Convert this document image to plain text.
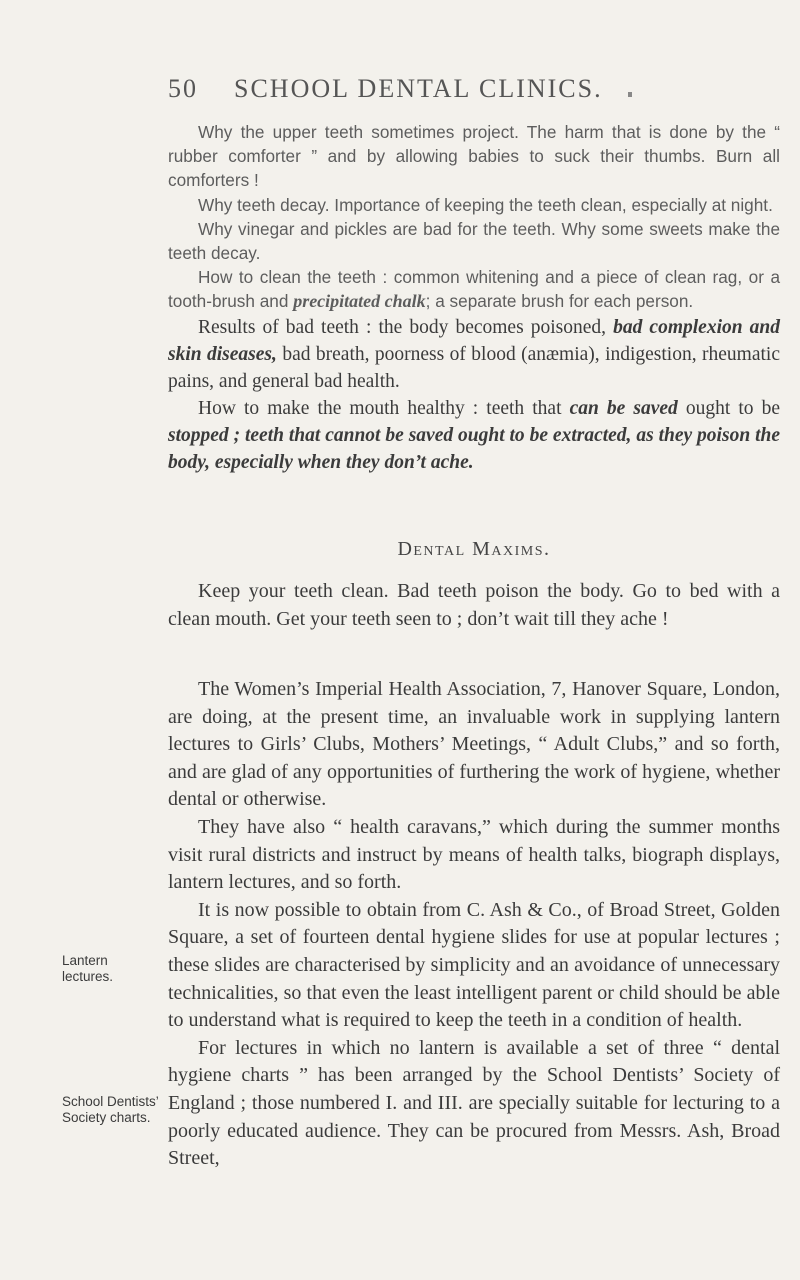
50 SCHOOL DENTAL CLINICS.

Why the upper teeth sometimes project. The harm that is done by the “ rubber comforter ” and by allowing babies to suck their thumbs. Burn all comforters !

Why teeth decay. Importance of keeping the teeth clean, especially at night.

Why vinegar and pickles are bad for the teeth. Why some sweets make the teeth decay.

How to clean the teeth : common whitening and a piece of clean rag, or a tooth-brush and precipitated chalk; a separate brush for each person.

Results of bad teeth : the body becomes poisoned, bad complexion and skin diseases, bad breath, poorness of blood (anæmia), indigestion, rheumatic pains, and general bad health.

How to make the mouth healthy : teeth that can be saved ought to be stopped ; teeth that cannot be saved ought to be extracted, as they poison the body, especially when they don’t ache.

Dental Maxims.

Keep your teeth clean. Bad teeth poison the body. Go to bed with a clean mouth. Get your teeth seen to ; don’t wait till they ache !

The Women’s Imperial Health Association, 7, Hanover Square, London, are doing, at the present time, an invaluable work in supplying lantern lectures to Girls’ Clubs, Mothers’ Meetings, “ Adult Clubs,” and so forth, and are glad of any opportunities of furthering the work of hygiene, whether dental or otherwise.

They have also “ health caravans,” which during the summer months visit rural districts and instruct by means of health talks, biograph displays, lantern lectures, and so forth.

It is now possible to obtain from C. Ash & Co., of Broad Street, Golden Square, a set of fourteen dental hygiene slides for use at popular lectures ; these slides are characterised by simplicity and an avoidance of unnecessary technicalities, so that even the least intelligent parent or child should be able to understand what is required to keep the teeth in a condition of health.

For lectures in which no lantern is available a set of three “ dental hygiene charts ” has been arranged by the School Dentists’ Society of England ; those numbered I. and III. are specially suitable for lecturing to a poorly educated audience. They can be procured from Messrs. Ash, Broad Street,

Lantern lectures.
School Dentists’ Society charts.
